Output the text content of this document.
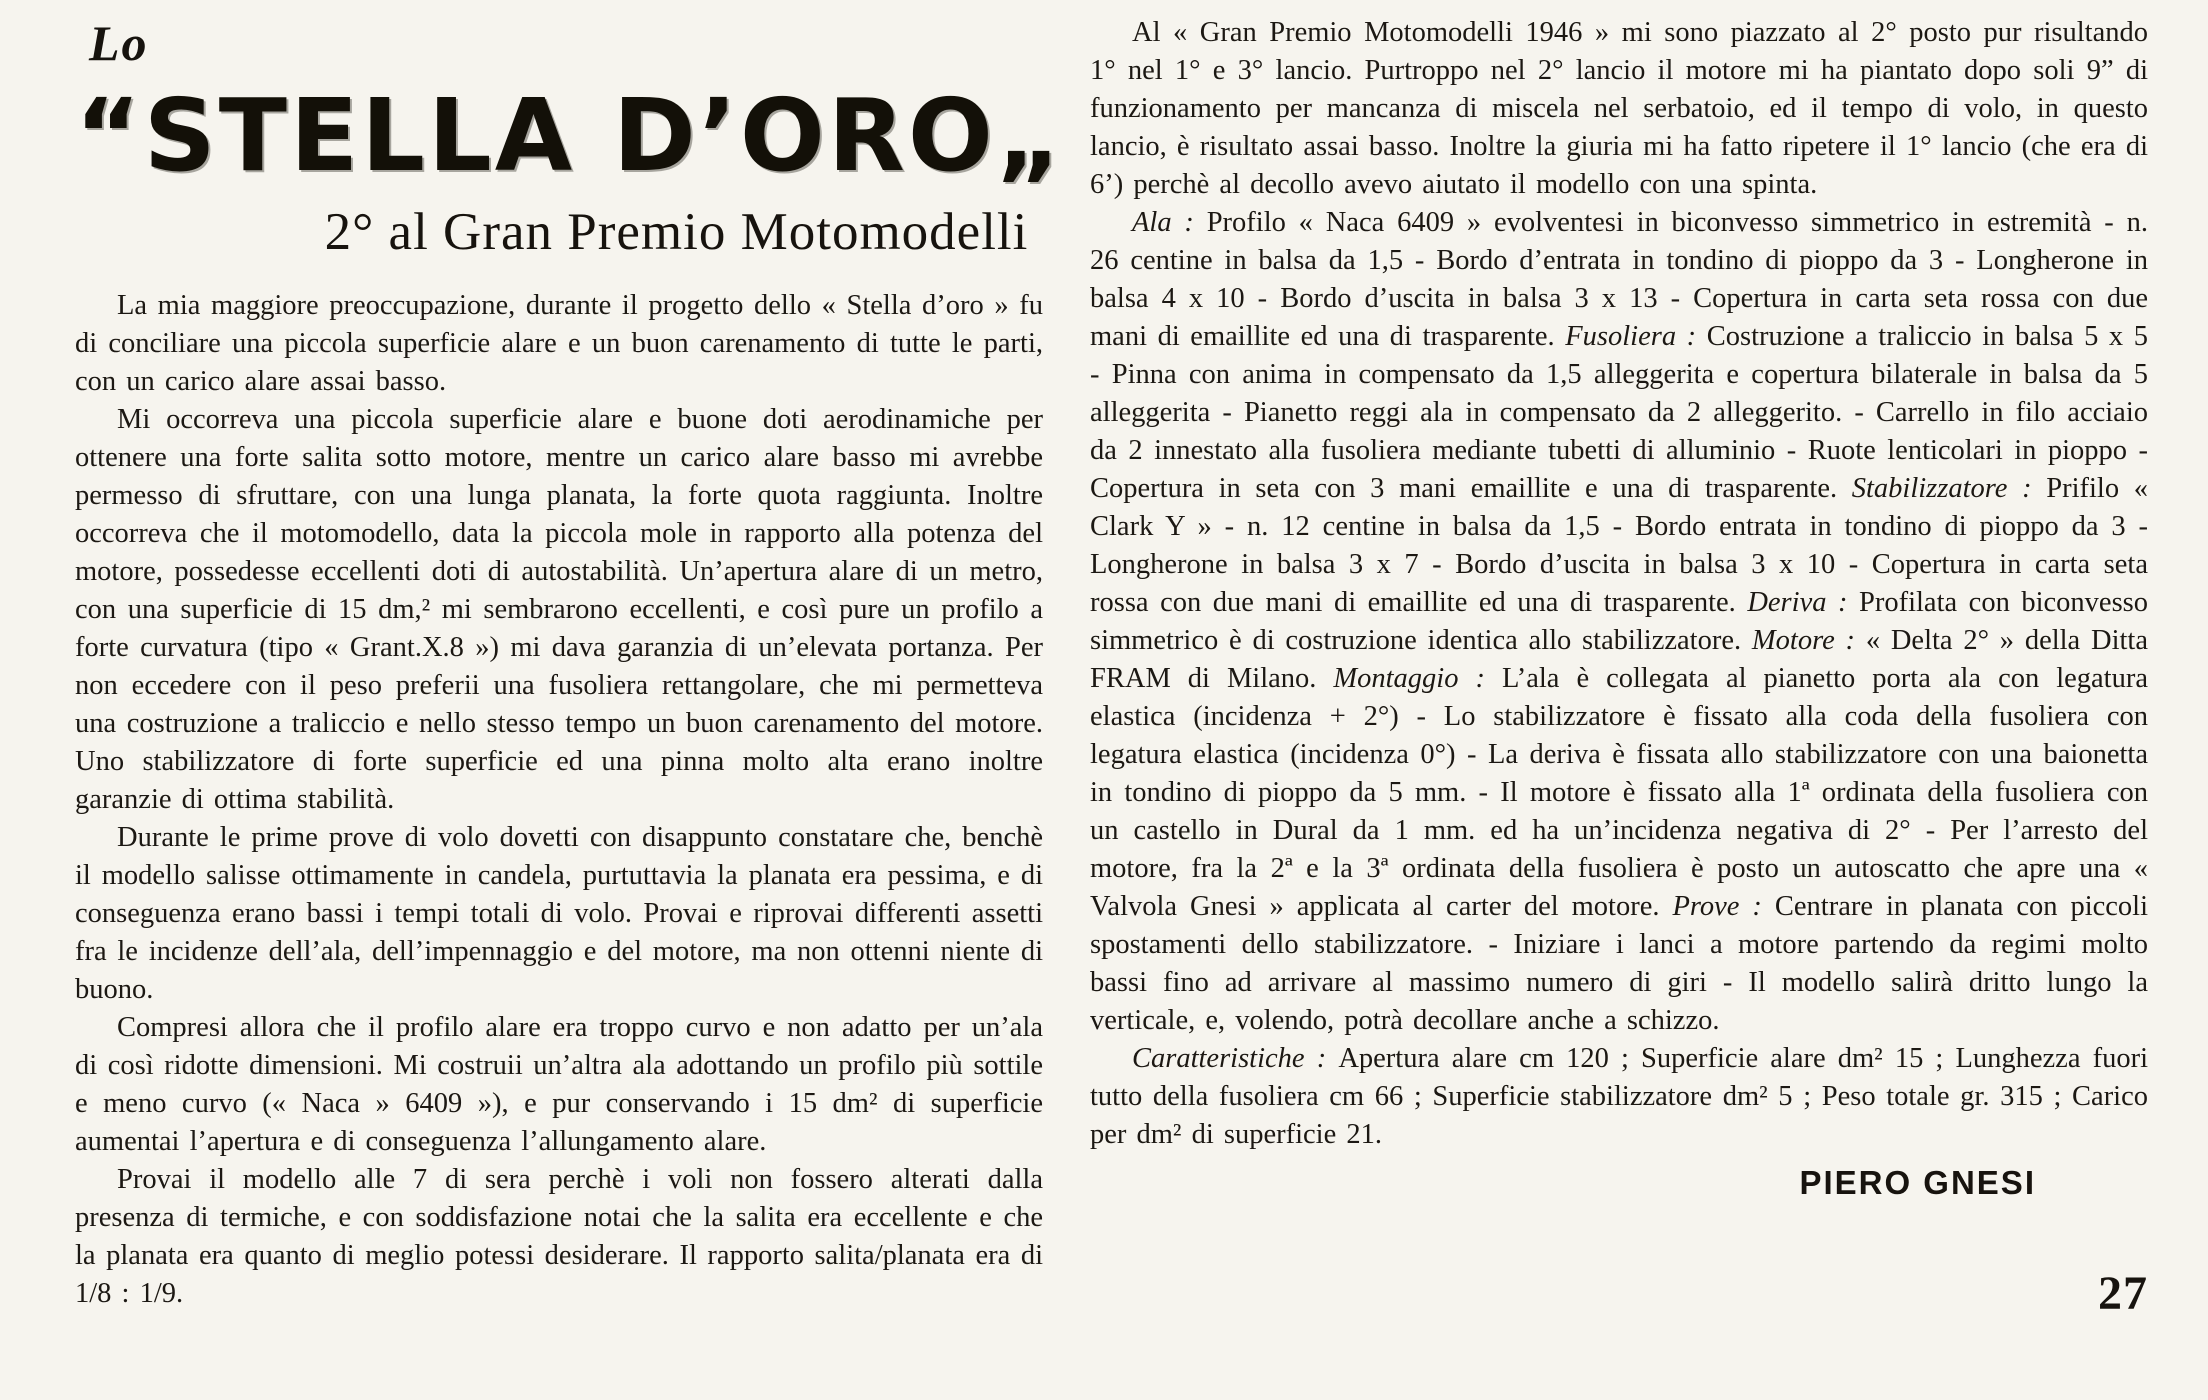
Lo
“STELLA D’ORO„
2° al Gran Premio Motomodelli

La mia maggiore preoccupazione, durante il progetto dello « Stella d’oro » fu di conciliare una piccola superficie alare e un buon carenamento di tutte le parti, con un carico alare assai basso.

Mi occorreva una piccola superficie alare e buone doti aerodinamiche per ottenere una forte salita sotto motore, mentre un carico alare basso mi avrebbe permesso di sfruttare, con una lunga planata, la forte quota raggiunta. Inoltre occorreva che il motomodello, data la piccola mole in rapporto alla potenza del motore, possedesse eccellenti doti di autostabilità. Un’apertura alare di un metro, con una superficie di 15 dm,² mi sembrarono eccellenti, e così pure un profilo a forte curvatura (tipo « Grant.X.8 ») mi dava garanzia di un’elevata portanza. Per non eccedere con il peso preferii una fusoliera rettangolare, che mi permetteva una costruzione a traliccio e nello stesso tempo un buon carenamento del motore. Uno stabilizzatore di forte superficie ed una pinna molto alta erano inoltre garanzie di ottima stabilità.

Durante le prime prove di volo dovetti con disappunto constatare che, benchè il modello salisse ottimamente in candela, purtuttavia la planata era pessima, e di conseguenza erano bassi i tempi totali di volo. Provai e riprovai differenti assetti fra le incidenze dell’ala, dell’impennaggio e del motore, ma non ottenni niente di buono.

Compresi allora che il profilo alare era troppo curvo e non adatto per un’ala di così ridotte dimensioni. Mi costruii un’altra ala adottando un profilo più sottile e meno curvo (« Naca » 6409 »), e pur conservando i 15 dm² di superficie aumentai l’apertura e di conseguenza l’allungamento alare.

Provai il modello alle 7 di sera perchè i voli non fossero alterati dalla presenza di termiche, e con soddisfazione notai che la salita era eccellente e che la planata era quanto di meglio potessi desiderare. Il rapporto salita/planata era di 1/8 : 1/9.

Al « Gran Premio Motomodelli 1946 » mi sono piazzato al 2° posto pur risultando 1° nel 1° e 3° lancio. Purtroppo nel 2° lancio il motore mi ha piantato dopo soli 9” di funzionamento per mancanza di miscela nel serbatoio, ed il tempo di volo, in questo lancio, è risultato assai basso. Inoltre la giuria mi ha fatto ripetere il 1° lancio (che era di 6’) perchè al decollo avevo aiutato il modello con una spinta.

Ala : Profilo « Naca 6409 » evolventesi in biconvesso simmetrico in estremità - n. 26 centine in balsa da 1,5 - Bordo d’entrata in tondino di pioppo da 3 - Longherone in balsa 4 x 10 - Bordo d’uscita in balsa 3 x 13 - Copertura in carta seta rossa con due mani di emaillite ed una di trasparente. Fusoliera : Costruzione a traliccio in balsa 5 x 5 - Pinna con anima in compensato da 1,5 alleggerita e copertura bilaterale in balsa da 5 alleggerita - Pianetto reggi ala in compensato da 2 alleggerito. - Carrello in filo acciaio da 2 innestato alla fusoliera mediante tubetti di alluminio - Ruote lenticolari in pioppo - Copertura in seta con 3 mani emaillite e una di trasparente. Stabilizzatore : Prifilo « Clark Y » - n. 12 centine in balsa da 1,5 - Bordo entrata in tondino di pioppo da 3 - Longherone in balsa 3 x 7 - Bordo d’uscita in balsa 3 x 10 - Copertura in carta seta rossa con due mani di emaillite ed una di trasparente. Deriva : Profilata con biconvesso simmetrico è di costruzione identica allo stabilizzatore. Motore : « Delta 2° » della Ditta FRAM di Milano. Montaggio : L’ala è collegata al pianetto porta ala con legatura elastica (incidenza + 2°) - Lo stabilizzatore è fissato alla coda della fusoliera con legatura elastica (incidenza 0°) - La deriva è fissata allo stabilizzatore con una baionetta in tondino di pioppo da 5 mm. - Il motore è fissato alla 1ª ordinata della fusoliera con un castello in Dural da 1 mm. ed ha un’incidenza negativa di 2° - Per l’arresto del motore, fra la 2ª e la 3ª ordinata della fusoliera è posto un autoscatto che apre una « Valvola Gnesi » applicata al carter del motore. Prove : Centrare in planata con piccoli spostamenti dello stabilizzatore. - Iniziare i lanci a motore partendo da regimi molto bassi fino ad arrivare al massimo numero di giri - Il modello salirà dritto lungo la verticale, e, volendo, potrà decollare anche a schizzo.

Caratteristiche : Apertura alare cm 120 ; Superficie alare dm² 15 ; Lunghezza fuori tutto della fusoliera cm 66 ; Superficie stabilizzatore dm² 5 ; Peso totale gr. 315 ; Carico per dm² di superficie 21.

PIERO GNESI
27
